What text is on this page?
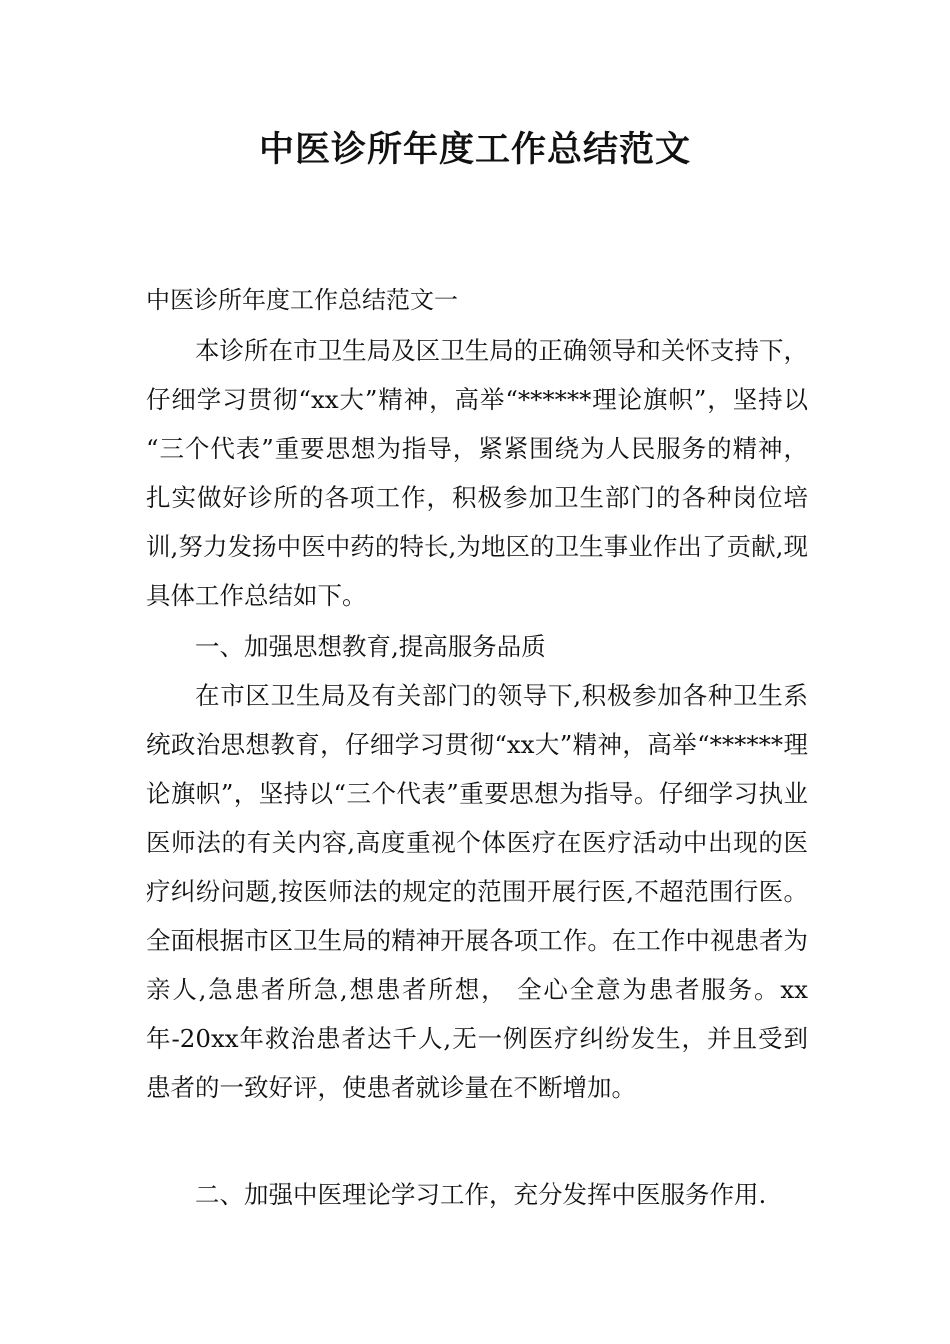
中医诊所年度工作总结范文

中医诊所年度工作总结范文一

本诊所在市卫生局及区卫生局的正确领导和关怀支持下，仔细学习贯彻“xx大”精神，高举“******理论旗帜”，坚持以 “三个代表”重要思想为指导，紧紧围绕为人民服务的精神，扎实做好诊所的各项工作，积极参加卫生部门的各种岗位培训,努力发扬中医中药的特长,为地区的卫生事业作出了贡献,现具体工作总结如下。

一、加强思想教育,提高服务品质

在市区卫生局及有关部门的领导下,积极参加各种卫生系统政治思想教育，仔细学习贯彻“xx大”精神，高举“******理论旗帜”，坚持以“三个代表”重要思想为指导。仔细学习执业医师法的有关内容,高度重视个体医疗在医疗活动中出现的医疗纠纷问题,按医师法的规定的范围开展行医,不超范围行医。全面根据市区卫生局的精神开展各项工作。在工作中视患者为亲人,急患者所急,想患者所想， 全心全意为患者服务。xx年-20xx年救治患者达千人,无一例医疗纠纷发生，并且受到患者的一致好评，使患者就诊量在不断增加。

二、加强中医理论学习工作，充分发挥中医服务作用.
